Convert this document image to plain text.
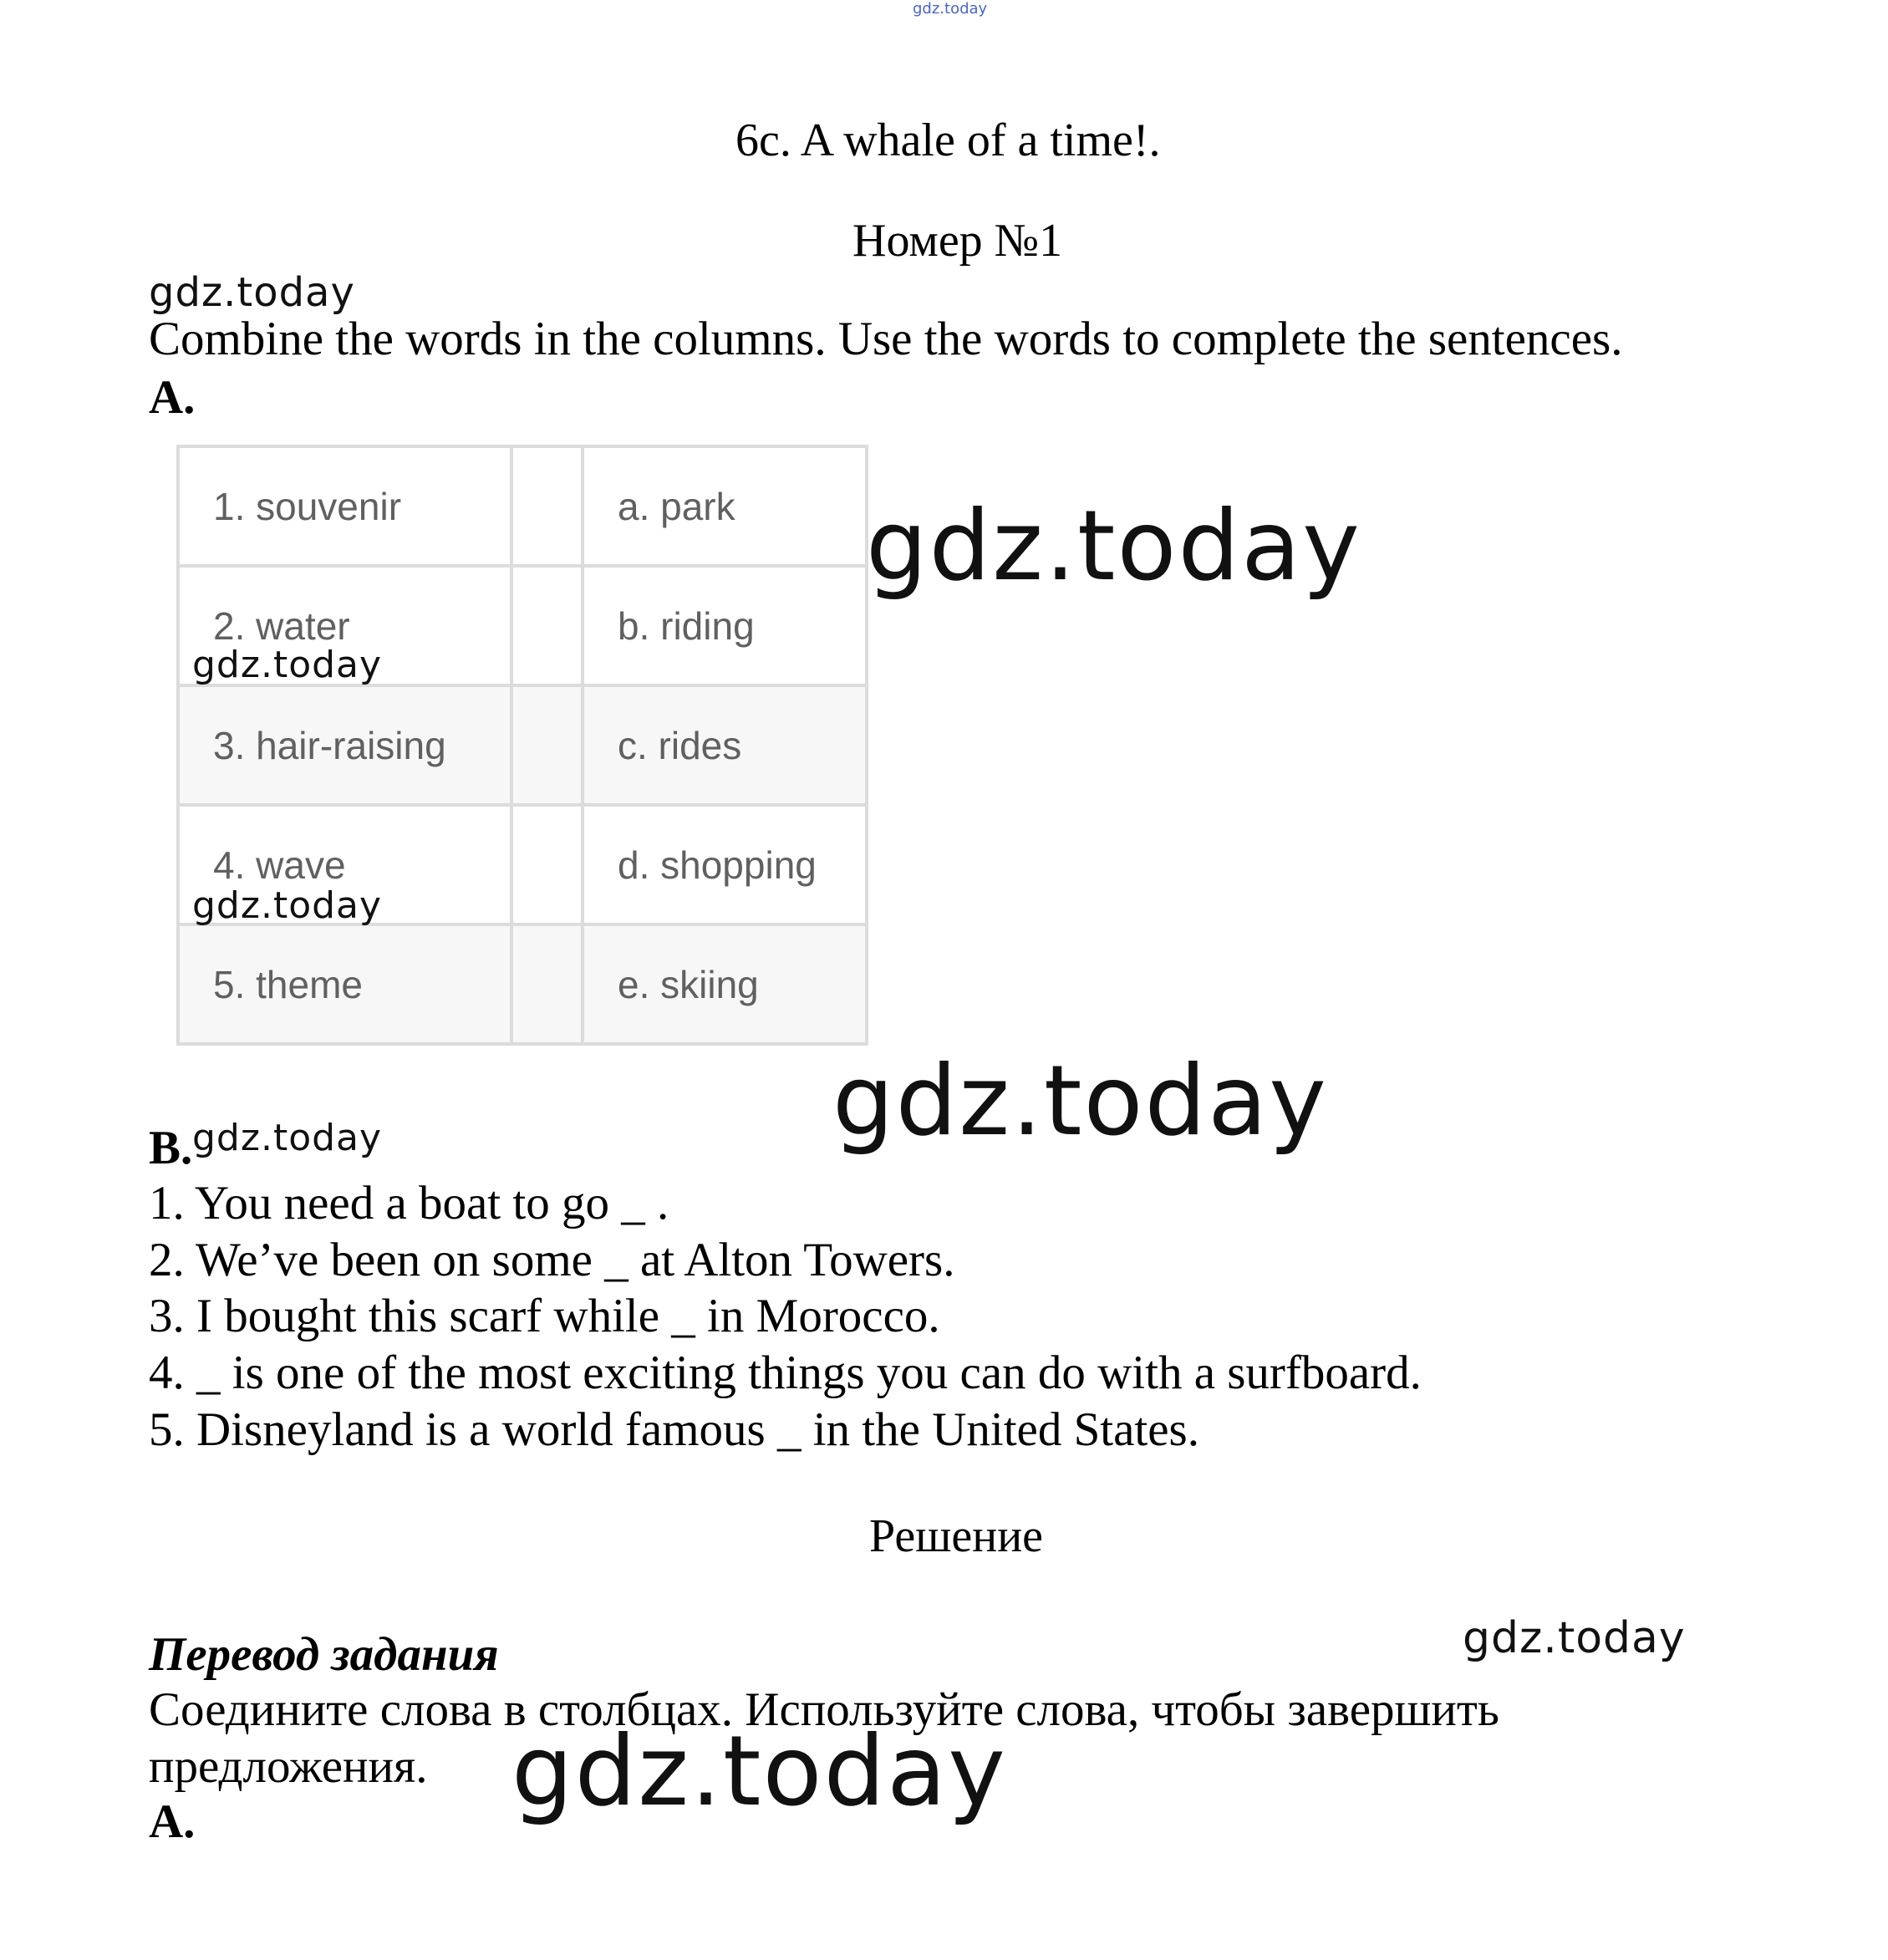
gdz.today
6c. A whale of a time!.
Номер №1
gdz.today
Combine the words in the columns. Use the words to complete the sentences.
A.
1. souvenir		a. park
2. water		b. riding
3. hair-raising		c. rides
4. wave		d. shopping
5. theme		e. skiing
gdz.today
gdz.today
gdz.today
gdz.today
B. gdz.today
1. You need a boat to go _ .
2. We’ve been on some _ at Alton Towers.
3. I bought this scarf while _ in Morocco.
4. _ is one of the most exciting things you can do with a surfboard.
5. Disneyland is a world famous _ in the United States.
Решение
Перевод задания	gdz.today
Соедините слова в столбцах. Используйте слова, чтобы завершить
предложения. gdz.today
А.
